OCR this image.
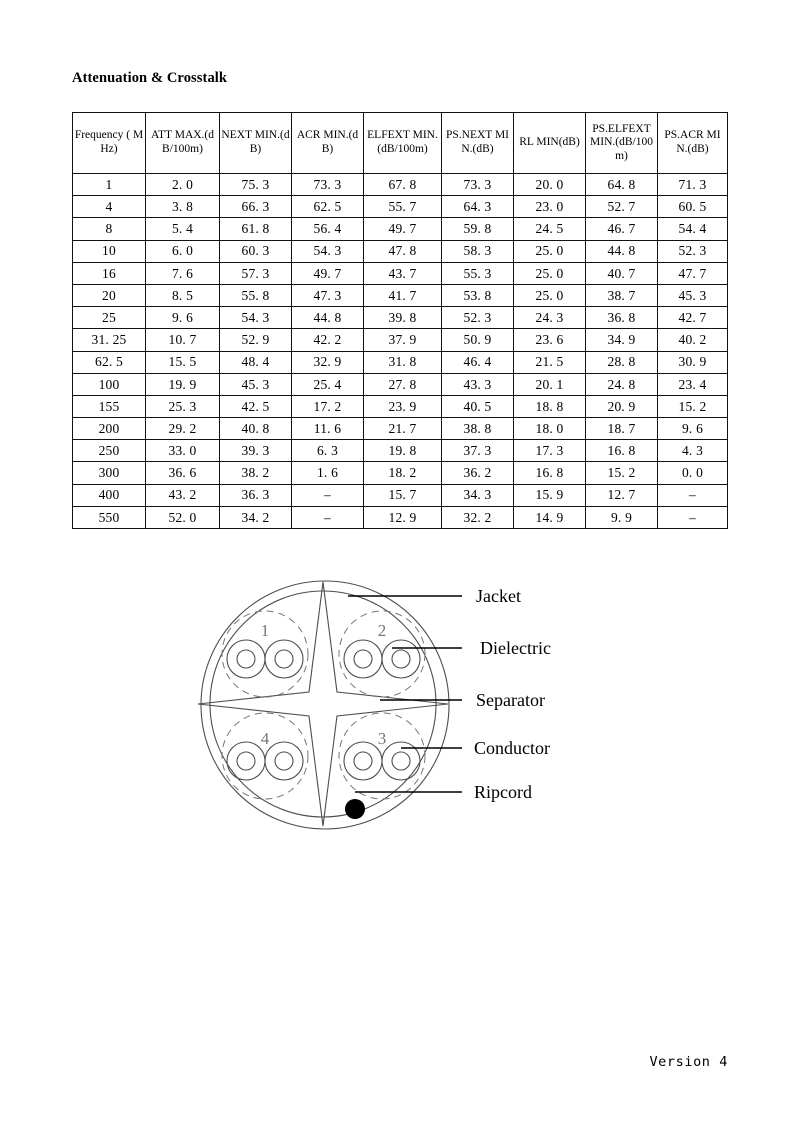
Attenuation & Crosstalk
Frequency ( MHz)	ATT MAX.(dB/100m)	NEXT MIN.(dB)	ACR MIN.(dB)	ELFEXT MIN.(dB/100m)	PS.NEXT MIN.(dB)	RL MIN(dB)	PS.ELFEXT MIN.(dB/100m)	PS.ACR MIN.(dB)
1	2. 0	75. 3	73. 3	67. 8	73. 3	20. 0	64. 8	71. 3
4	3. 8	66. 3	62. 5	55. 7	64. 3	23. 0	52. 7	60. 5
8	5. 4	61. 8	56. 4	49. 7	59. 8	24. 5	46. 7	54. 4
10	6. 0	60. 3	54. 3	47. 8	58. 3	25. 0	44. 8	52. 3
16	7. 6	57. 3	49. 7	43. 7	55. 3	25. 0	40. 7	47. 7
20	8. 5	55. 8	47. 3	41. 7	53. 8	25. 0	38. 7	45. 3
25	9. 6	54. 3	44. 8	39. 8	52. 3	24. 3	36. 8	42. 7
31. 25	10. 7	52. 9	42. 2	37. 9	50. 9	23. 6	34. 9	40. 2
62. 5	15. 5	48. 4	32. 9	31. 8	46. 4	21. 5	28. 8	30. 9
100	19. 9	45. 3	25. 4	27. 8	43. 3	20. 1	24. 8	23. 4
155	25. 3	42. 5	17. 2	23. 9	40. 5	18. 8	20. 9	15. 2
200	29. 2	40. 8	11. 6	21. 7	38. 8	18. 0	18. 7	9. 6
250	33. 0	39. 3	6. 3	19. 8	37. 3	17. 3	16. 8	4. 3
300	36. 6	38. 2	1. 6	18. 2	36. 2	16. 8	15. 2	0. 0
400	43. 2	36. 3	–	15. 7	34. 3	15. 9	12. 7	–
550	52. 0	34. 2	–	12. 9	32. 2	14. 9	9. 9	–
1	2
3
4
Jacket
Dielectric
Separator
Conductor
Ripcord
Version 4
